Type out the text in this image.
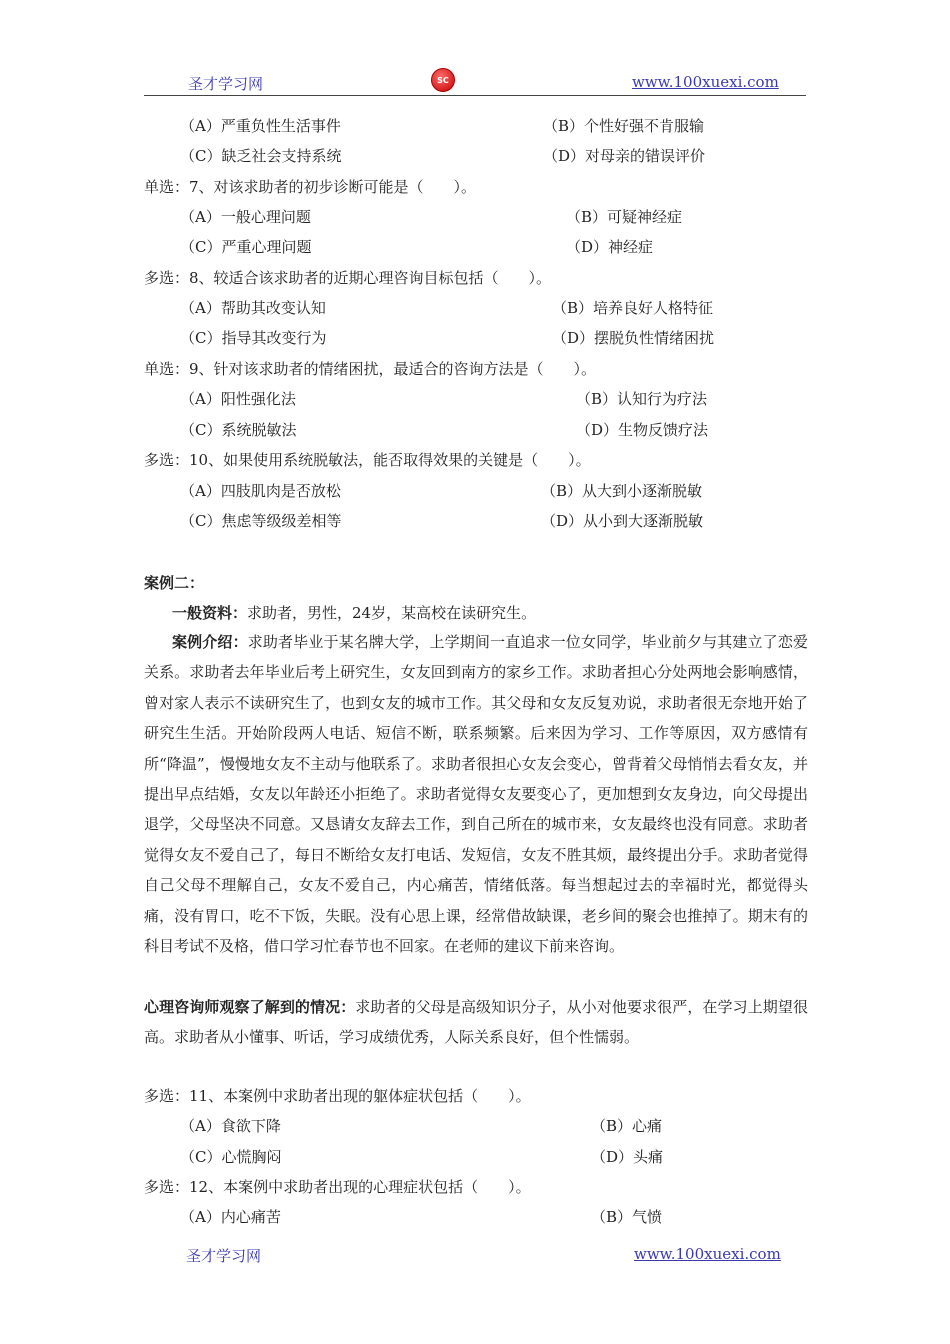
圣才学习网	SC	www.100xuexi.com
（A）严重负性生活事件	（B）个性好强不肯服输
（C）缺乏社会支持系统	（D）对母亲的错误评价
单选：7、对该求助者的初步诊断可能是（　　）。
（A）一般心理问题	（B）可疑神经症
（C）严重心理问题	（D）神经症
多选：8、较适合该求助者的近期心理咨询目标包括（　　）。
（A）帮助其改变认知	（B）培养良好人格特征
（C）指导其改变行为	（D）摆脱负性情绪困扰
单选：9、针对该求助者的情绪困扰，最适合的咨询方法是（　　）。
（A）阳性强化法	（B）认知行为疗法
（C）系统脱敏法	（D）生物反馈疗法
多选：10、如果使用系统脱敏法，能否取得效果的关键是（　　）。
（A）四肢肌肉是否放松	（B）从大到小逐渐脱敏
（C）焦虑等级级差相等	（D）从小到大逐渐脱敏
案例二：
一般资料：求助者，男性，24岁，某高校在读研究生。
案例介绍：求助者毕业于某名牌大学，上学期间一直追求一位女同学，毕业前夕与其建立了恋爱关系。求助者去年毕业后考上研究生，女友回到南方的家乡工作。求助者担心分处两地会影响感情，曾对家人表示不读研究生了，也到女友的城市工作。其父母和女友反复劝说，求助者很无奈地开始了研究生生活。开始阶段两人电话、短信不断，联系频繁。后来因为学习、工作等原因，双方感情有所“降温”，慢慢地女友不主动与他联系了。求助者很担心女友会变心，曾背着父母悄悄去看女友，并提出早点结婚，女友以年龄还小拒绝了。求助者觉得女友要变心了，更加想到女友身边，向父母提出退学，父母坚决不同意。又恳请女友辞去工作，到自己所在的城市来，女友最终也没有同意。求助者觉得女友不爱自己了，每日不断给女友打电话、发短信，女友不胜其烦，最终提出分手。求助者觉得自己父母不理解自己，女友不爱自己，内心痛苦，情绪低落。每当想起过去的幸福时光，都觉得头痛，没有胃口，吃不下饭，失眠。没有心思上课，经常借故缺课，老乡间的聚会也推掉了。期末有的科目考试不及格，借口学习忙春节也不回家。在老师的建议下前来咨询。
心理咨询师观察了解到的情况：求助者的父母是高级知识分子，从小对他要求很严，在学习上期望很高。求助者从小懂事、听话，学习成绩优秀，人际关系良好，但个性懦弱。
多选：11、本案例中求助者出现的躯体症状包括（　　）。
（A）食欲下降	（B）心痛
（C）心慌胸闷	（D）头痛
多选：12、本案例中求助者出现的心理症状包括（　　）。
（A）内心痛苦	（B）气愤
圣才学习网	www.100xuexi.com
